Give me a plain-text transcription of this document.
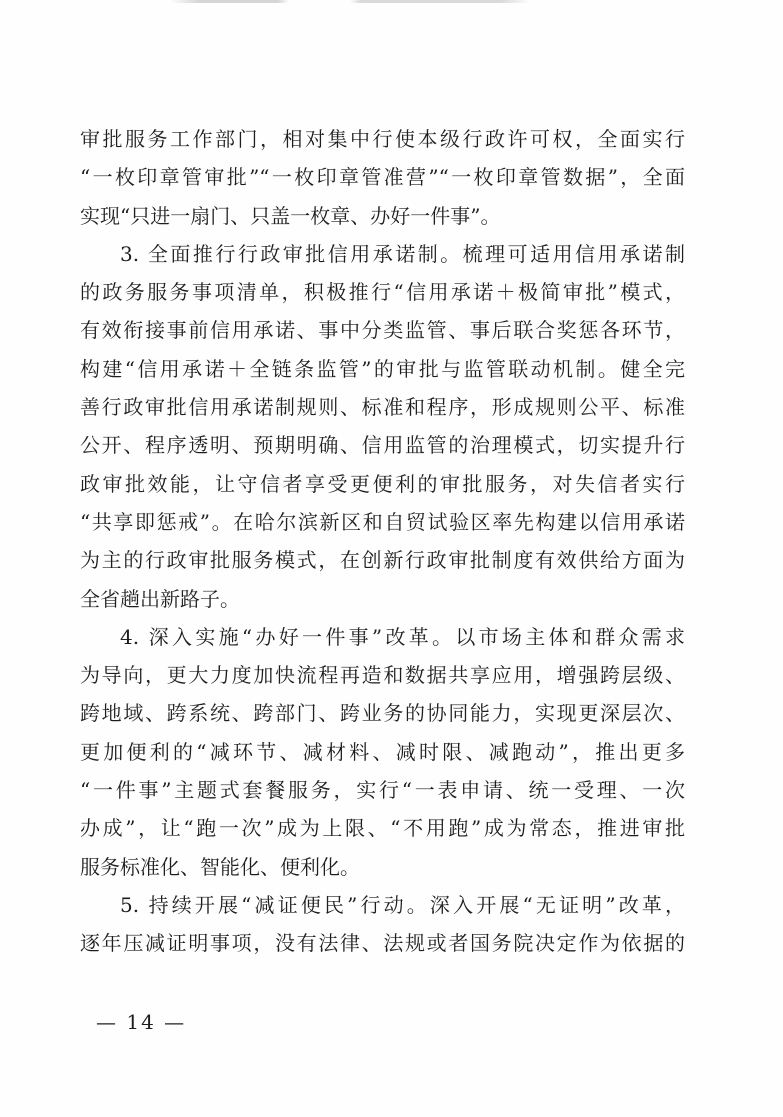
审批服务工作部门，相对集中行使本级行政许可权，全面实行
“一枚印章管审批”“一枚印章管准营”“一枚印章管数据”，全面
实现“只进一扇门、只盖一枚章、办好一件事”。
3. 全面推行行政审批信用承诺制。梳理可适用信用承诺制
的政务服务事项清单，积极推行“信用承诺＋极简审批”模式，
有效衔接事前信用承诺、事中分类监管、事后联合奖惩各环节，
构建“信用承诺＋全链条监管”的审批与监管联动机制。健全完
善行政审批信用承诺制规则、标准和程序，形成规则公平、标准
公开、程序透明、预期明确、信用监管的治理模式，切实提升行
政审批效能，让守信者享受更便利的审批服务，对失信者实行
“共享即惩戒”。在哈尔滨新区和自贸试验区率先构建以信用承诺
为主的行政审批服务模式，在创新行政审批制度有效供给方面为
全省趟出新路子。
4. 深入实施“办好一件事”改革。以市场主体和群众需求
为导向，更大力度加快流程再造和数据共享应用，增强跨层级、
跨地域、跨系统、跨部门、跨业务的协同能力，实现更深层次、
更加便利的“减环节、减材料、减时限、减跑动”，推出更多
“一件事”主题式套餐服务，实行“一表申请、统一受理、一次
办成”，让“跑一次”成为上限、“不用跑”成为常态，推进审批
服务标准化、智能化、便利化。
5. 持续开展“减证便民”行动。深入开展“无证明”改革，
逐年压减证明事项，没有法律、法规或者国务院决定作为依据的
— 14 —
